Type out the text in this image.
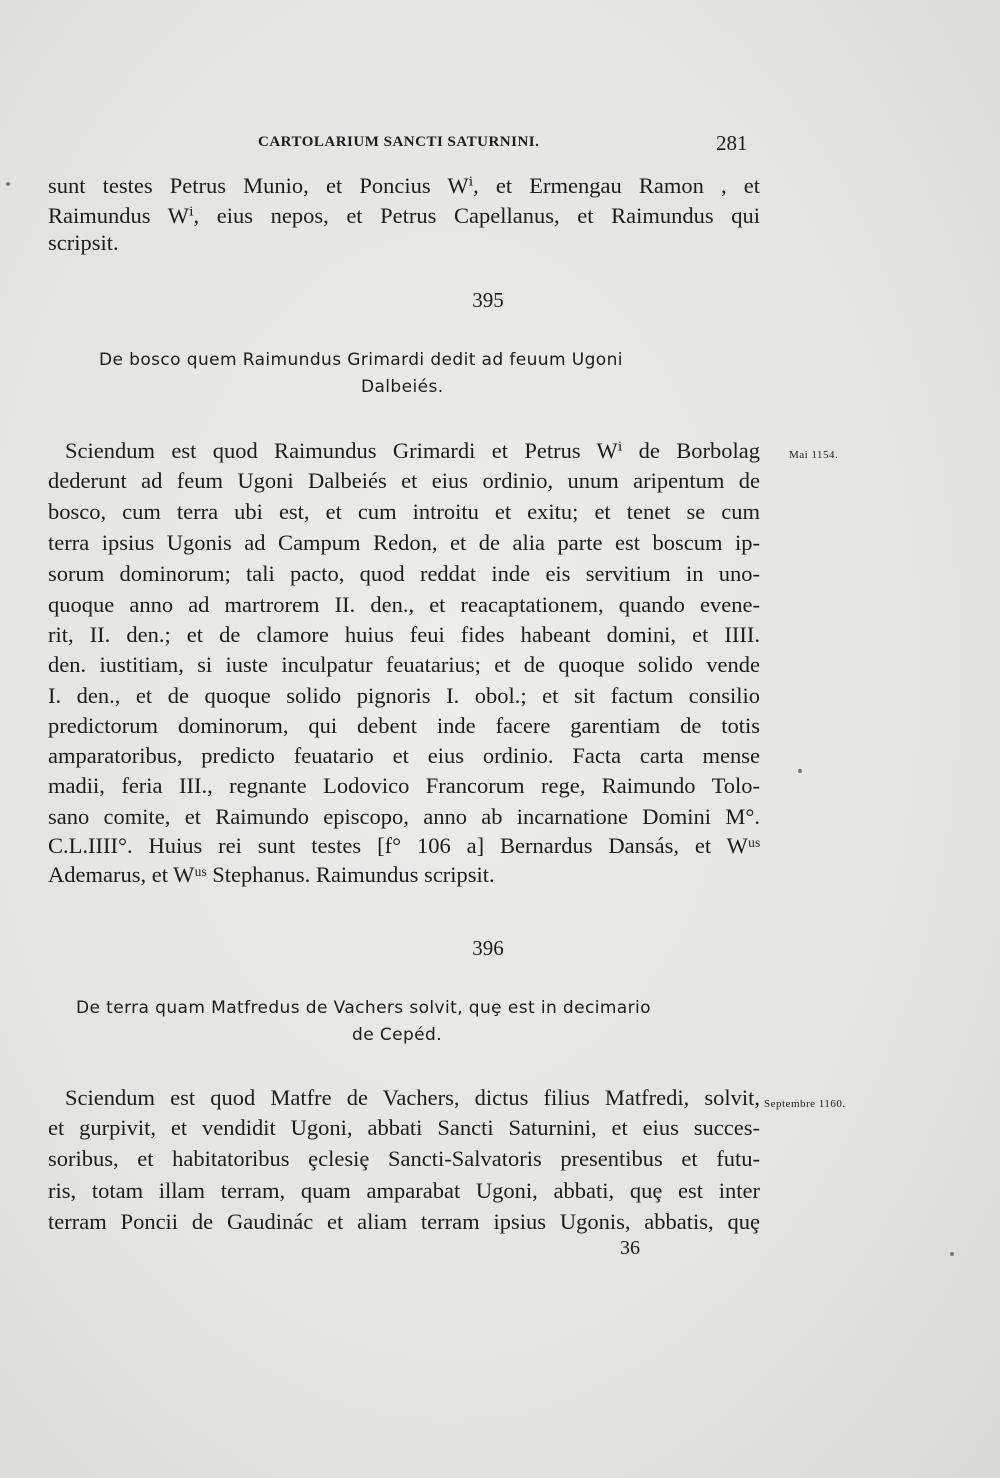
CARTOLARIUM SANCTI SATURNINI.	281
sunt testes Petrus Munio, et Poncius Wⁱ, et Ermengau Ramon , et
Raimundus Wⁱ, eius nepos, et Petrus Capellanus, et Raimundus qui
scripsit.
395
De bosco quem Raimundus Grimardi dedit ad feuum Ugoni
Dalbeiés.
Mai 1154.
Sciendum est quod Raimundus Grimardi et Petrus Wⁱ de Borbolag
dederunt ad feum Ugoni Dalbeiés et eius ordinio, unum aripentum de
bosco, cum terra ubi est, et cum introitu et exitu; et tenet se cum
terra ipsius Ugonis ad Campum Redon, et de alia parte est boscum ip-
sorum dominorum; tali pacto, quod reddat inde eis servitium in uno-
quoque anno ad martrorem II. den., et reacaptationem, quando evene-
rit, II. den.; et de clamore huius feui fides habeant domini, et IIII.
den. iustitiam, si iuste inculpatur feuatarius; et de quoque solido vende
I. den., et de quoque solido pignoris I. obol.; et sit factum consilio
predictorum dominorum, qui debent inde facere garentiam de totis
amparatoribus, predicto feuatario et eius ordinio. Facta carta mense
madii, feria III., regnante Lodovico Francorum rege, Raimundo Tolo-
sano comite, et Raimundo episcopo, anno ab incarnatione Domini M°.
C.L.IIII°. Huius rei sunt testes [f° 106 a] Bernardus Dansás, et Wᵘˢ
Ademarus, et Wᵘˢ Stephanus. Raimundus scripsit.
396
De terra quam Matfredus de Vachers solvit, quȩ est in decimario
de Cepéd.
Septembre 1160.
Sciendum est quod Matfre de Vachers, dictus filius Matfredi, solvit,
et gurpivit, et vendidit Ugoni, abbati Sancti Saturnini, et eius succes-
soribus, et habitatoribus ȩclesiȩ Sancti-Salvatoris presentibus et futu-
ris, totam illam terram, quam amparabat Ugoni, abbati, quȩ est inter
terram Poncii de Gaudinác et aliam terram ipsius Ugonis, abbatis, quȩ
36
